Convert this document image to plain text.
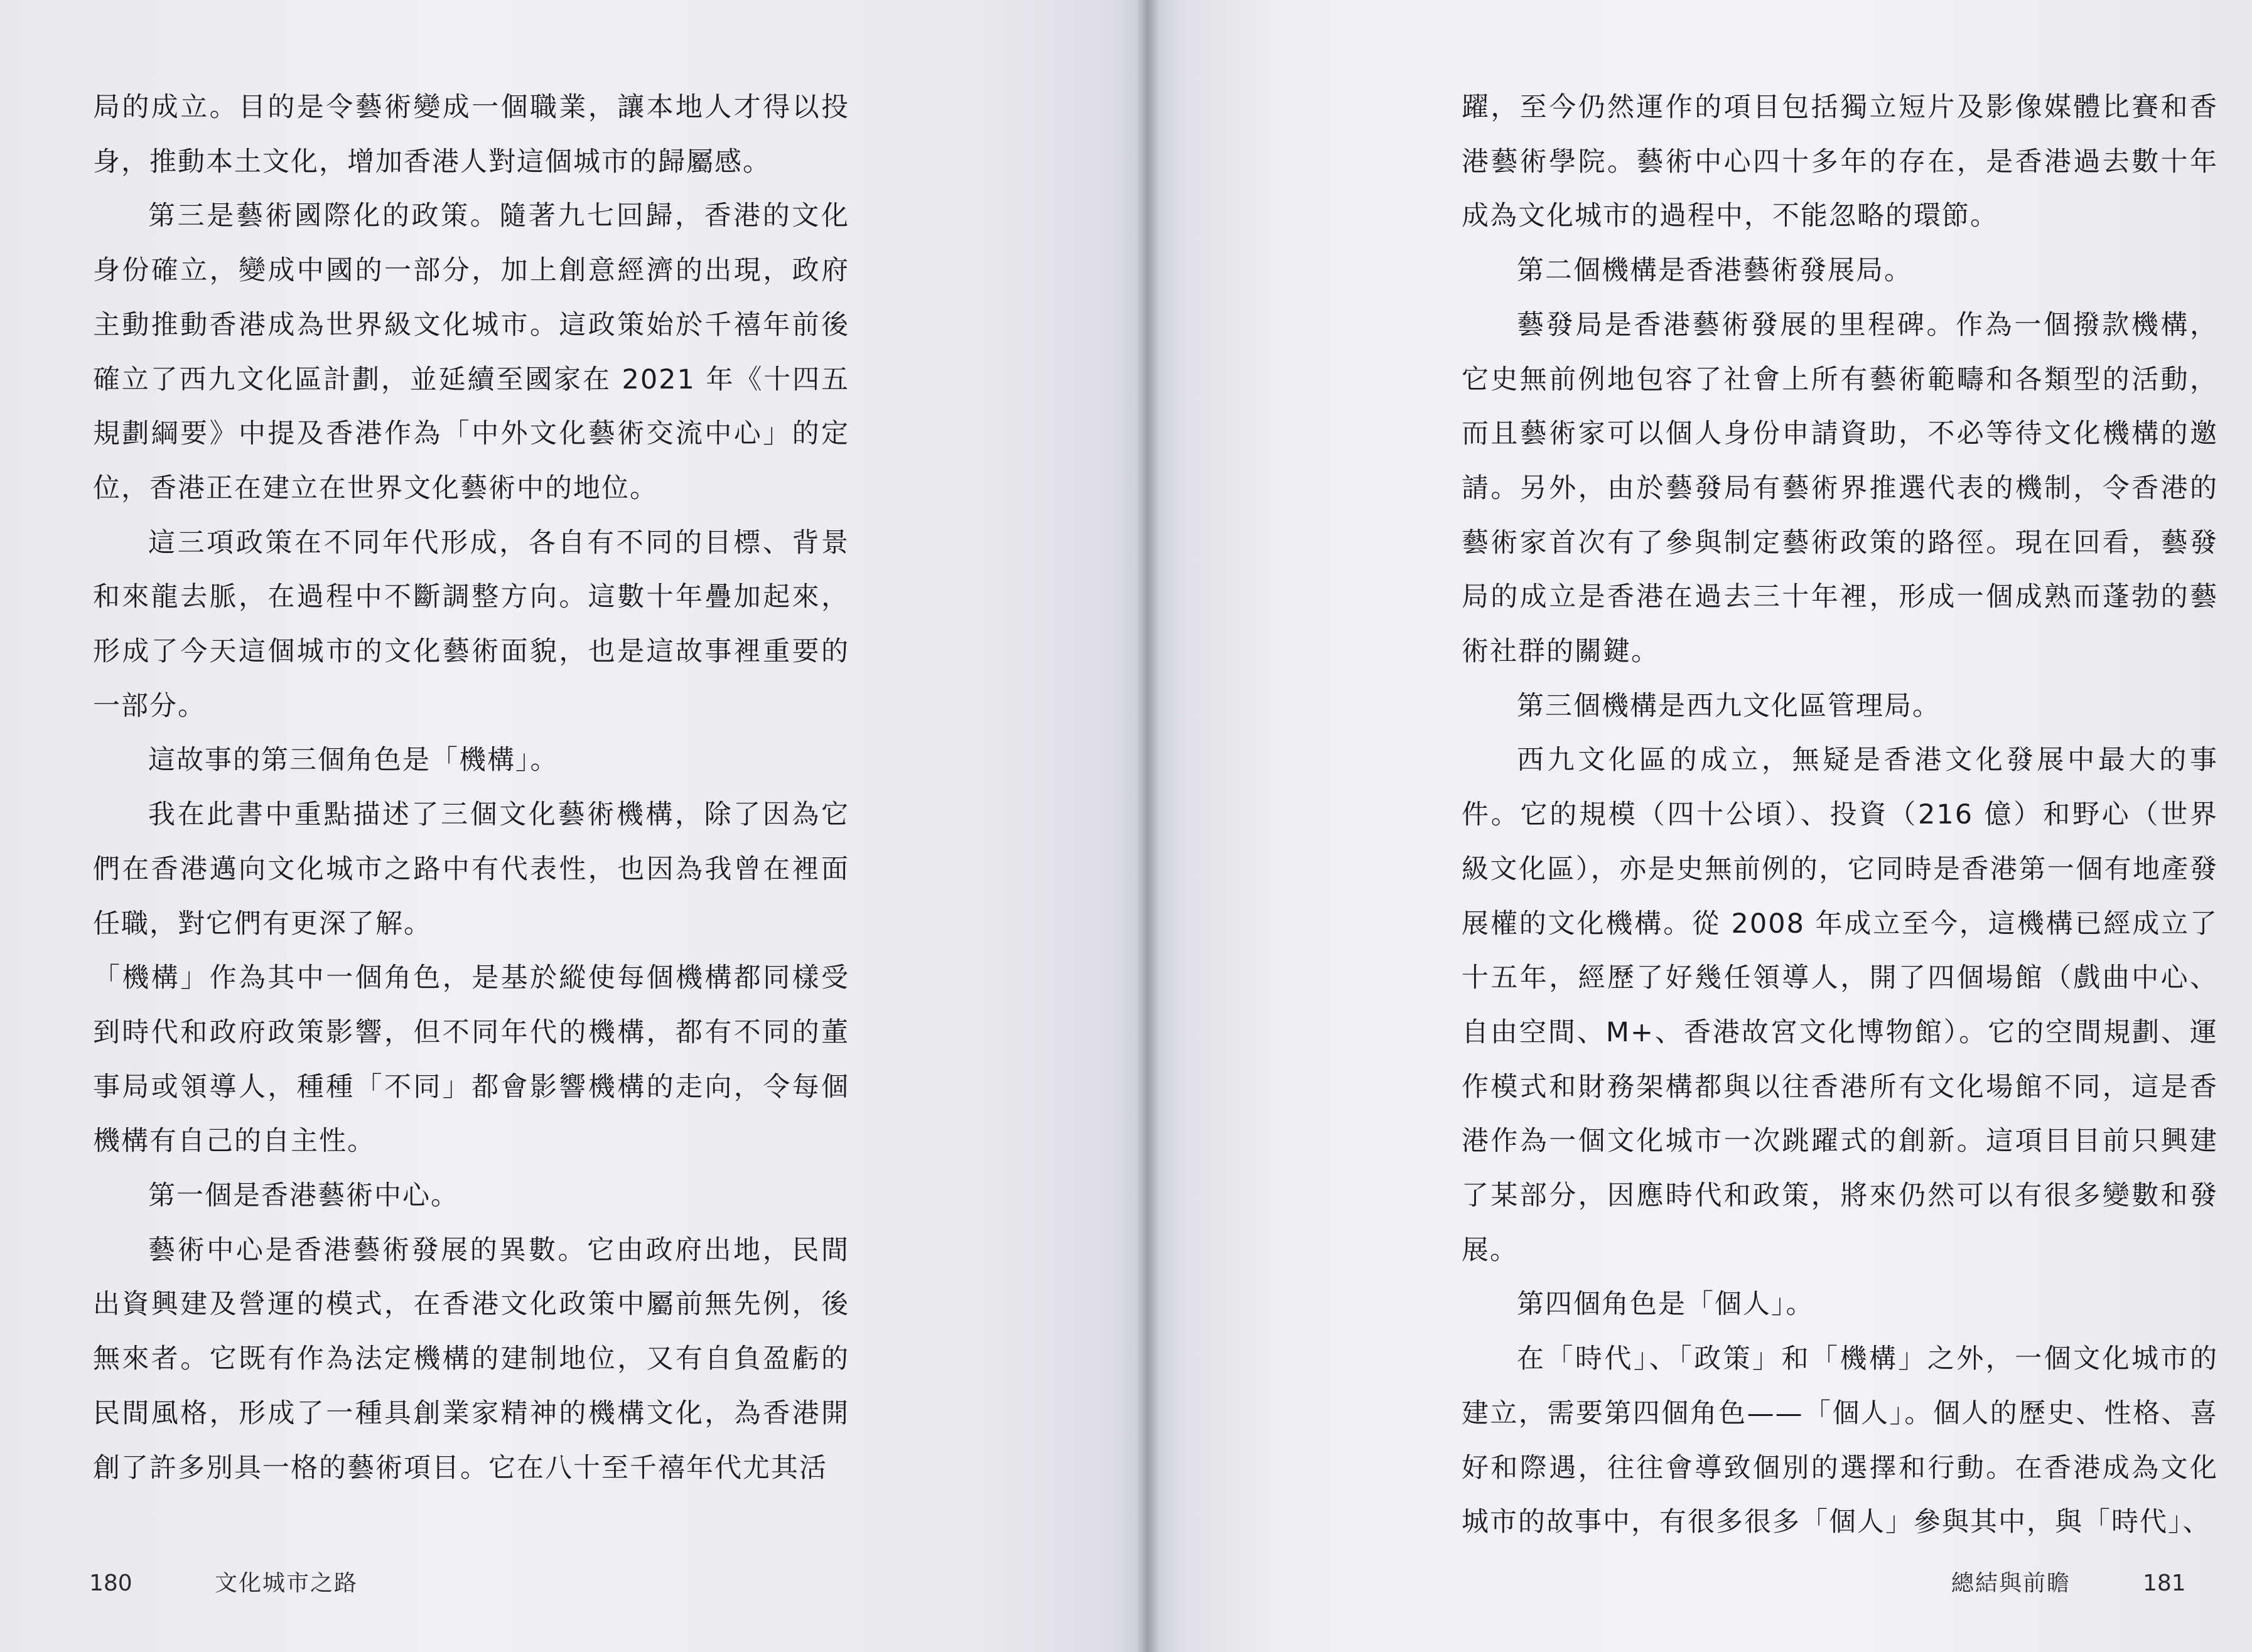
局的成立。目的是令藝術變成一個職業，讓本地人才得以投身，推動本土文化，增加香港人對這個城市的歸屬感。

第三是藝術國際化的政策。隨著九七回歸，香港的文化身份確立，變成中國的一部分，加上創意經濟的出現，政府主動推動香港成為世界級文化城市。這政策始於千禧年前後確立了西九文化區計劃，並延續至國家在 2021 年《十四五規劃綱要》中提及香港作為「中外文化藝術交流中心」的定位，香港正在建立在世界文化藝術中的地位。

這三項政策在不同年代形成，各自有不同的目標、背景和來龍去脈，在過程中不斷調整方向。這數十年疊加起來，形成了今天這個城市的文化藝術面貌，也是這故事裡重要的一部分。

這故事的第三個角色是「機構」。

我在此書中重點描述了三個文化藝術機構，除了因為它們在香港邁向文化城市之路中有代表性，也因為我曾在裡面任職，對它們有更深了解。

「機構」作為其中一個角色，是基於縱使每個機構都同樣受到時代和政府政策影響，但不同年代的機構，都有不同的董事局或領導人，種種「不同」都會影響機構的走向，令每個機構有自己的自主性。

第一個是香港藝術中心。

藝術中心是香港藝術發展的異數。它由政府出地，民間出資興建及營運的模式，在香港文化政策中屬前無先例，後無來者。它既有作為法定機構的建制地位，又有自負盈虧的民間風格，形成了一種具創業家精神的機構文化，為香港開創了許多別具一格的藝術項目。它在八十至千禧年代尤其活

180	文化城市之路

躍，至今仍然運作的項目包括獨立短片及影像媒體比賽和香港藝術學院。藝術中心四十多年的存在，是香港過去數十年成為文化城市的過程中，不能忽略的環節。

第二個機構是香港藝術發展局。

藝發局是香港藝術發展的里程碑。作為一個撥款機構，它史無前例地包容了社會上所有藝術範疇和各類型的活動，而且藝術家可以個人身份申請資助，不必等待文化機構的邀請。另外，由於藝發局有藝術界推選代表的機制，令香港的藝術家首次有了參與制定藝術政策的路徑。現在回看，藝發局的成立是香港在過去三十年裡，形成一個成熟而蓬勃的藝術社群的關鍵。

第三個機構是西九文化區管理局。

西九文化區的成立，無疑是香港文化發展中最大的事件。它的規模（四十公頃）、投資（216 億）和野心（世界級文化區），亦是史無前例的，它同時是香港第一個有地產發展權的文化機構。從 2008 年成立至今，這機構已經成立了十五年，經歷了好幾任領導人，開了四個場館（戲曲中心、自由空間、M+、香港故宮文化博物館）。它的空間規劃、運作模式和財務架構都與以往香港所有文化場館不同，這是香港作為一個文化城市一次跳躍式的創新。這項目目前只興建了某部分，因應時代和政策，將來仍然可以有很多變數和發展。

第四個角色是「個人」。

在「時代」、「政策」和「機構」之外，一個文化城市的建立，需要第四個角色——「個人」。個人的歷史、性格、喜好和際遇，往往會導致個別的選擇和行動。在香港成為文化城市的故事中，有很多很多「個人」參與其中，與「時代」、

總結與前瞻	181
